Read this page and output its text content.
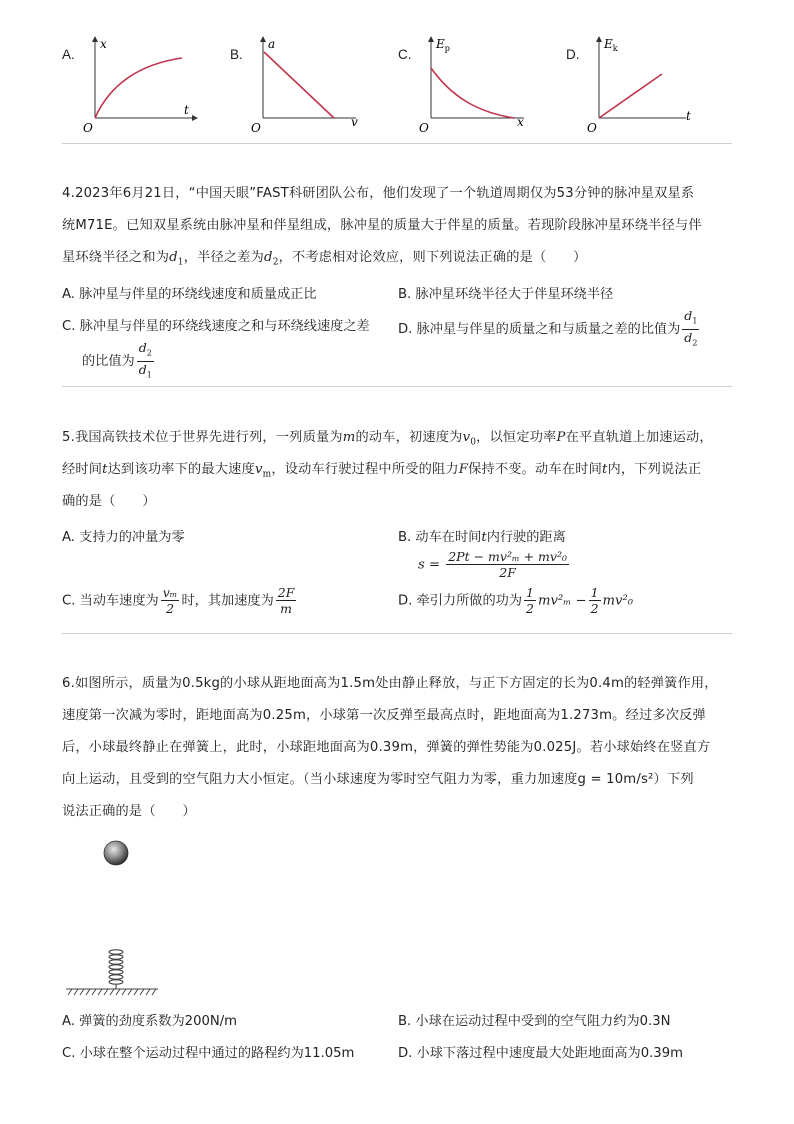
A.
x
t
O
B.
a
v
O
C.
$E_p$
x
O
D.
$E_k$
t
O
4.2023年6月21日，“中国天眼”FAST科研团队公布，他们发现了一个轨道周期仅为53分钟的脉冲星双星系
统M71E。已知双星系统由脉冲星和伴星组成，脉冲星的质量大于伴星的质量。若现阶段脉冲星环绕半径与伴
星环绕半径之和为$d_1$，半径之差为$d_2$，不考虑相对论效应，则下列说法正确的是（　　）
A. 脉冲星与伴星的环绕线速度和质量成正比	B. 脉冲星环绕半径大于伴星环绕半径
C. 脉冲星与伴星的环绕线速度之和与环绕线速度之差
的比值为 $\frac{d_2}{d_1}$
D. 脉冲星与伴星的质量之和与质量之差的比值为 $\frac{d_1}{d_2}$
5.我国高铁技术位于世界先进行列，一列质量为m的动车，初速度为$v_0$，以恒定功率P在平直轨道上加速运动，
经时间t达到该功率下的最大速度$v_m$，设动车行驶过程中所受的阻力F保持不变。动车在时间t内，下列说法正
确的是（　　）
A. 支持力的冲量为零	B. 动车在时间t内行驶的距离
$s = \frac{\text{2Pt − mv²ₘ + mv²₀}}{2F}$
C. 当动车速度为 $\frac{\text{vₘ}}{2}$ 时，其加速度为 $\frac{2F}{m}$	D. 牵引力所做的功为 $\frac{1}{2} mv^2_m - \frac{1}{2} mv^2_0$
6.如图所示，质量为0.5kg的小球从距地面高为1.5m处由静止释放，与正下方固定的长为0.4m的轻弹簧作用，
速度第一次减为零时，距地面高为0.25m，小球第一次反弹至最高点时，距地面高为1.273m。经过多次反弹
后，小球最终静止在弹簧上，此时，小球距地面高为0.39m，弹簧的弹性势能为0.025J。若小球始终在竖直方
向上运动，且受到的空气阻力大小恒定。（当小球速度为零时空气阻力为零，重力加速度g = 10m/s²）下列
说法正确的是（　　）
A. 弹簧的劲度系数为200N/m	B. 小球在运动过程中受到的空气阻力约为0.3N
C. 小球在整个运动过程中通过的路程约为11.05m	D. 小球下落过程中速度最大处距地面高为0.39m
